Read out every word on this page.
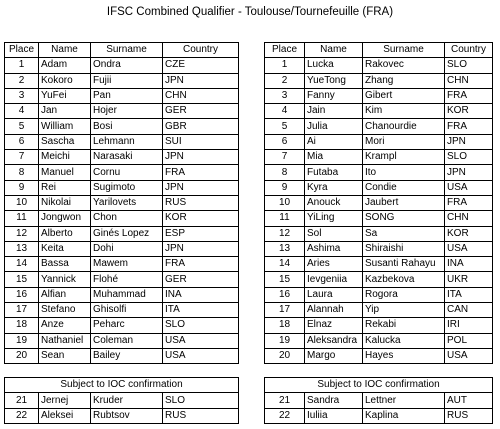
IFSC Combined Qualifier - Toulouse/Tournefeuille (FRA)
Place	Name	Surname	Country
1	Adam	Ondra	CZE
2	Kokoro	Fujii	JPN
3	YuFei	Pan	CHN
4	Jan	Hojer	GER
5	William	Bosi	GBR
6	Sascha	Lehmann	SUI
7	Meichi	Narasaki	JPN
8	Manuel	Cornu	FRA
9	Rei	Sugimoto	JPN
10	Nikolai	Yarilovets	RUS
11	Jongwon	Chon	KOR
12	Alberto	Ginés Lopez	ESP
13	Keita	Dohi	JPN
14	Bassa	Mawem	FRA
15	Yannick	Flohé	GER
16	Alfian	Muhammad	INA
17	Stefano	Ghisolfi	ITA
18	Anze	Peharc	SLO
19	Nathaniel	Coleman	USA
20	Sean	Bailey	USA
Place	Name	Surname	Country
1	Lucka	Rakovec	SLO
2	YueTong	Zhang	CHN
3	Fanny	Gibert	FRA
4	Jain	Kim	KOR
5	Julia	Chanourdie	FRA
6	Ai	Mori	JPN
7	Mia	Krampl	SLO
8	Futaba	Ito	JPN
9	Kyra	Condie	USA
10	Anouck	Jaubert	FRA
11	YiLing	SONG	CHN
12	Sol	Sa	KOR
13	Ashima	Shiraishi	USA
14	Aries	Susanti Rahayu	INA
15	Ievgeniia	Kazbekova	UKR
16	Laura	Rogora	ITA
17	Alannah	Yip	CAN
18	Elnaz	Rekabi	IRI
19	Aleksandra	Kalucka	POL
20	Margo	Hayes	USA
Subject to IOC confirmation			
21	Jernej	Kruder	SLO
22	Aleksei	Rubtsov	RUS
Subject to IOC confirmation			
21	Sandra	Lettner	AUT
22	Iuliia	Kaplina	RUS
